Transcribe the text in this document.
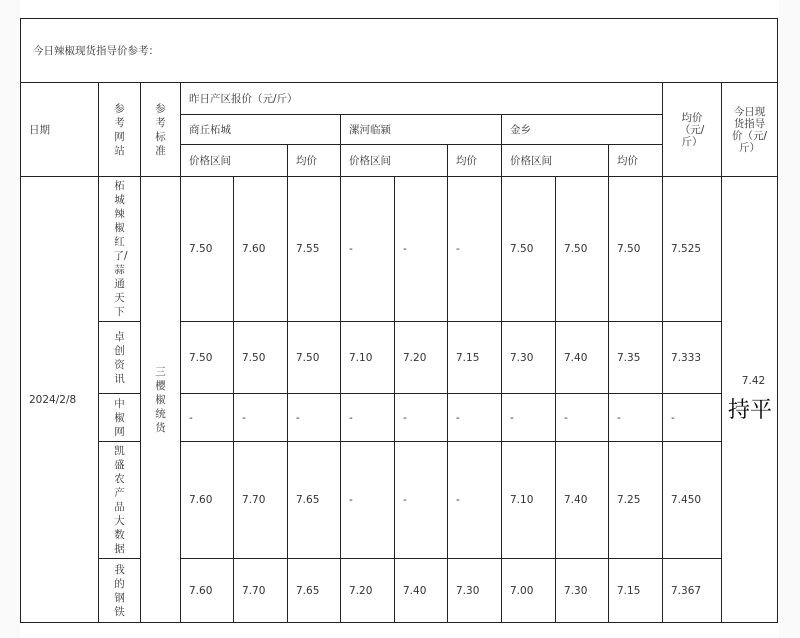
今日辣椒现货指导价参考：													
日期	参考网站	参考标准	昨日产区报价（元/斤）									均价（元/斤）	今日现货指导价（元/斤）

			商丘柘城			漯河临颍			金乡				
			价格区间		均价	价格区间		均价	价格区间		均价		
2024/2/8	柘城辣椒红了/蒜通天下	三樱椒统货	7.50	7.60	7.55	-	-	-	7.50	7.50	7.50	7.525	7.42
持平

	卓创资讯		7.50	7.50	7.50	7.10	7.20	7.15	7.30	7.40	7.35	7.333	
	中椒网		-	-	-	-	-	-	-	-	-	-	
	凯盛农产品大数据		7.60	7.70	7.65	-	-	-	7.10	7.40	7.25	7.450	
	我的钢铁		7.60	7.70	7.65	7.20	7.40	7.30	7.00	7.30	7.15	7.367	
